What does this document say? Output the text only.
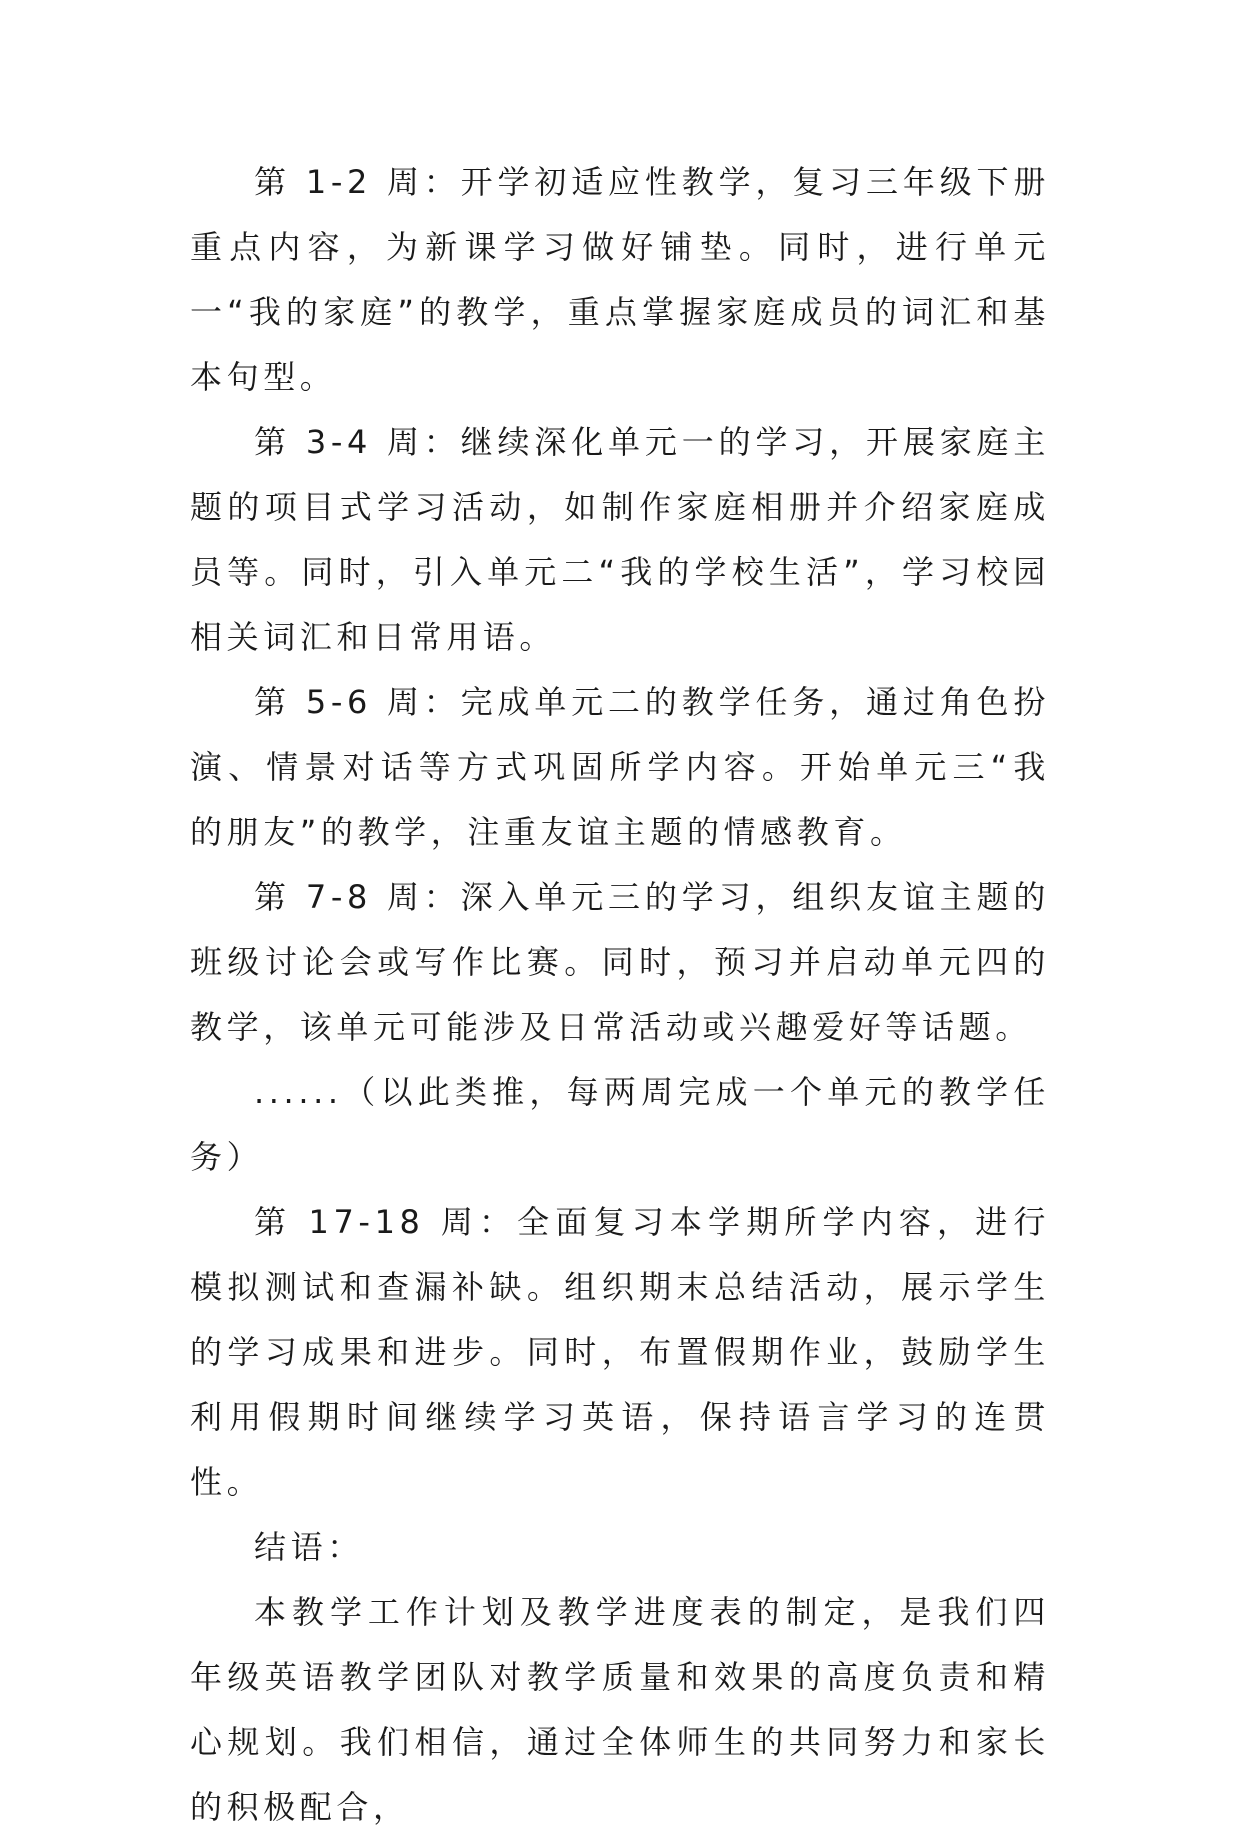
第 1-2 周：开学初适应性教学，复习三年级下册重点内容，为新课学习做好铺垫。同时，进行单元一“我的家庭”的教学，重点掌握家庭成员的词汇和基本句型。

第 3-4 周：继续深化单元一的学习，开展家庭主题的项目式学习活动，如制作家庭相册并介绍家庭成员等。同时，引入单元二“我的学校生活”，学习校园相关词汇和日常用语。

第 5-6 周：完成单元二的教学任务，通过角色扮演、情景对话等方式巩固所学内容。开始单元三“我的朋友”的教学，注重友谊主题的情感教育。

第 7-8 周：深入单元三的学习，组织友谊主题的班级讨论会或写作比赛。同时，预习并启动单元四的教学，该单元可能涉及日常活动或兴趣爱好等话题。

......（以此类推，每两周完成一个单元的教学任务）

第 17-18 周：全面复习本学期所学内容，进行模拟测试和查漏补缺。组织期末总结活动，展示学生的学习成果和进步。同时，布置假期作业，鼓励学生利用假期时间继续学习英语，保持语言学习的连贯性。

结语：

本教学工作计划及教学进度表的制定，是我们四年级英语教学团队对教学质量和效果的高度负责和精心规划。我们相信，通过全体师生的共同努力和家长的积极配合，
